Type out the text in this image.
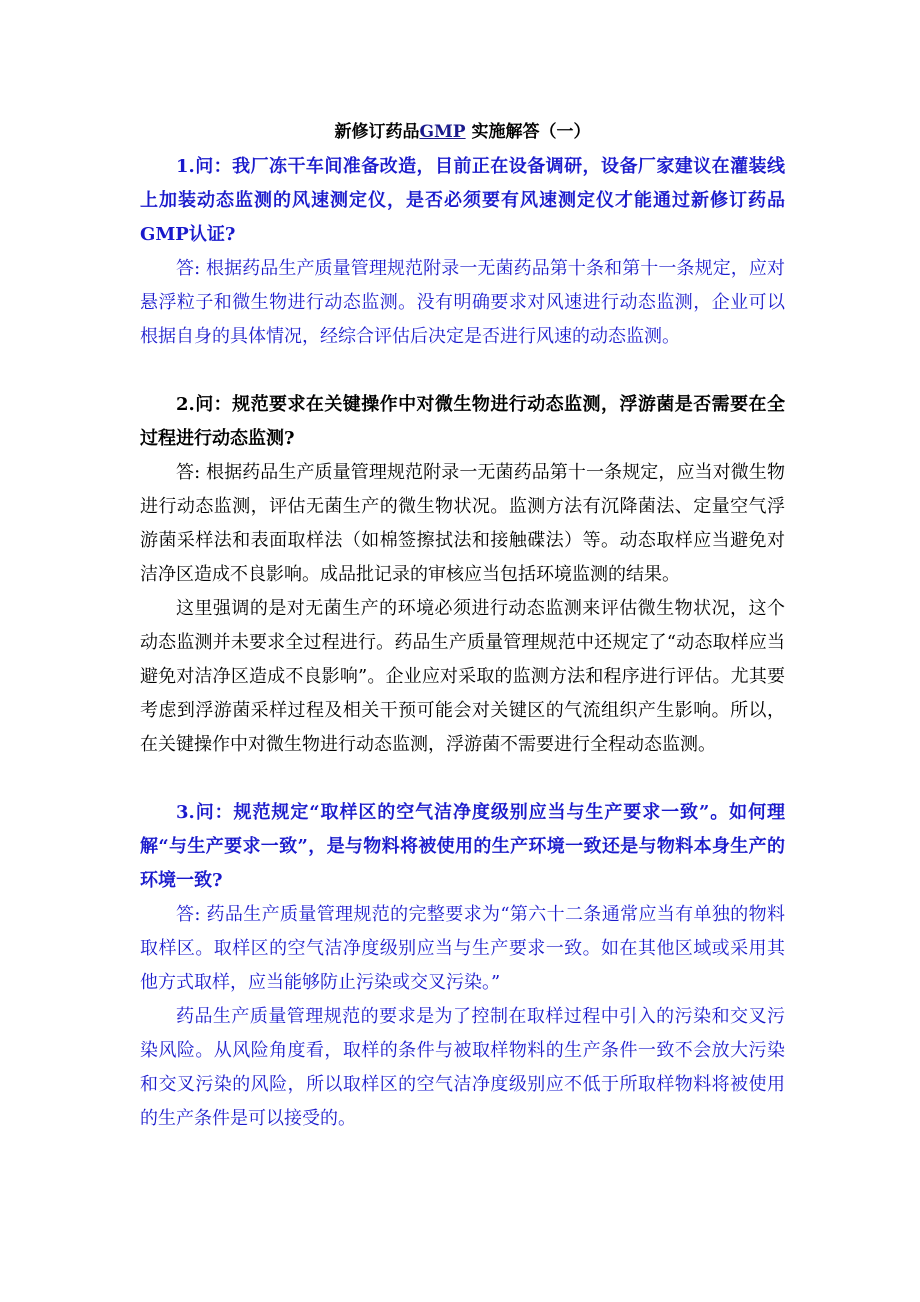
新修订药品GMP 实施解答（一）

1.问：我厂冻干车间准备改造，目前正在设备调研，设备厂家建议在灌装线上加装动态监测的风速测定仪，是否必须要有风速测定仪才能通过新修订药品GMP认证?

答: 根据药品生产质量管理规范附录一无菌药品第十条和第十一条规定，应对悬浮粒子和微生物进行动态监测。没有明确要求对风速进行动态监测，企业可以根据自身的具体情况，经综合评估后决定是否进行风速的动态监测。

2.问：规范要求在关键操作中对微生物进行动态监测，浮游菌是否需要在全过程进行动态监测?

答: 根据药品生产质量管理规范附录一无菌药品第十一条规定，应当对微生物进行动态监测，评估无菌生产的微生物状况。监测方法有沉降菌法、定量空气浮游菌采样法和表面取样法（如棉签擦拭法和接触碟法）等。动态取样应当避免对洁净区造成不良影响。成品批记录的审核应当包括环境监测的结果。

这里强调的是对无菌生产的环境必须进行动态监测来评估微生物状况，这个动态监测并未要求全过程进行。药品生产质量管理规范中还规定了“动态取样应当避免对洁净区造成不良影响”。企业应对采取的监测方法和程序进行评估。尤其要考虑到浮游菌采样过程及相关干预可能会对关键区的气流组织产生影响。所以，在关键操作中对微生物进行动态监测，浮游菌不需要进行全程动态监测。

3.问：规范规定“取样区的空气洁净度级别应当与生产要求一致”。如何理解“与生产要求一致”，是与物料将被使用的生产环境一致还是与物料本身生产的环境一致?

答: 药品生产质量管理规范的完整要求为“第六十二条通常应当有单独的物料取样区。取样区的空气洁净度级别应当与生产要求一致。如在其他区域或采用其他方式取样，应当能够防止污染或交叉污染。”

药品生产质量管理规范的要求是为了控制在取样过程中引入的污染和交叉污染风险。从风险角度看，取样的条件与被取样物料的生产条件一致不会放大污染和交叉污染的风险，所以取样区的空气洁净度级别应不低于所取样物料将被使用的生产条件是可以接受的。
